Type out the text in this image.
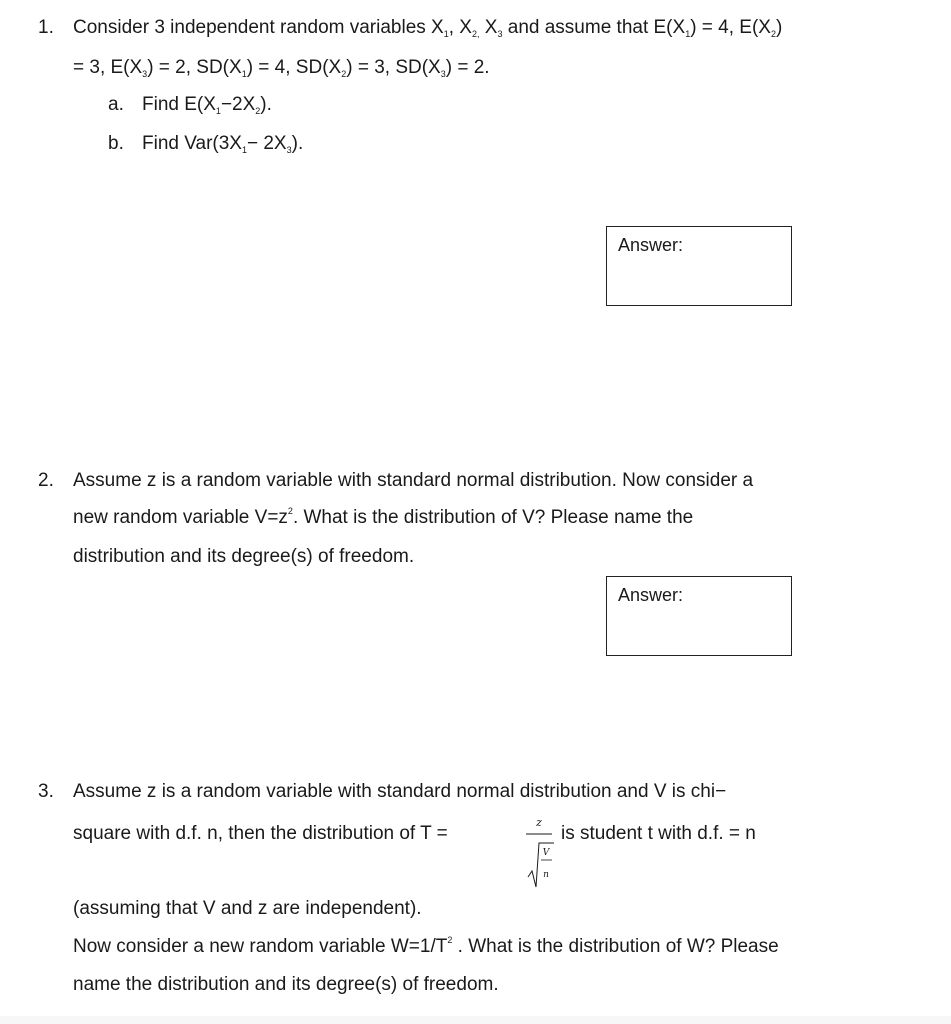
1. Consider 3 independent random variables $X_1$, $X_{2,}$ $X_3$ and assume that $E(X_1) = 4$, $E(X_2)$
= 3, $E(X_3) = 2$, $SD(X_1) = 4$, $SD(X_2) = 3$, $SD(X_3) = 2$.
a. Find $E(X_1-2X_2)$.
b. Find $Var(3X_1- 2X_3)$.
Answer:
2. Assume z is a random variable with standard normal distribution. Now consider a
new random variable $V=z^2$. What is the distribution of V? Please name the
distribution and its degree(s) of freedom.
Answer:
3. Assume z is a random variable with standard normal distribution and V is chi−
square with d.f. n, then the distribution of T =
z
V
n
is student t with d.f. = n
(assuming that V and z are independent).
Now consider a new random variable $W=1/T^2$ . What is the distribution of W? Please
name the distribution and its degree(s) of freedom.
